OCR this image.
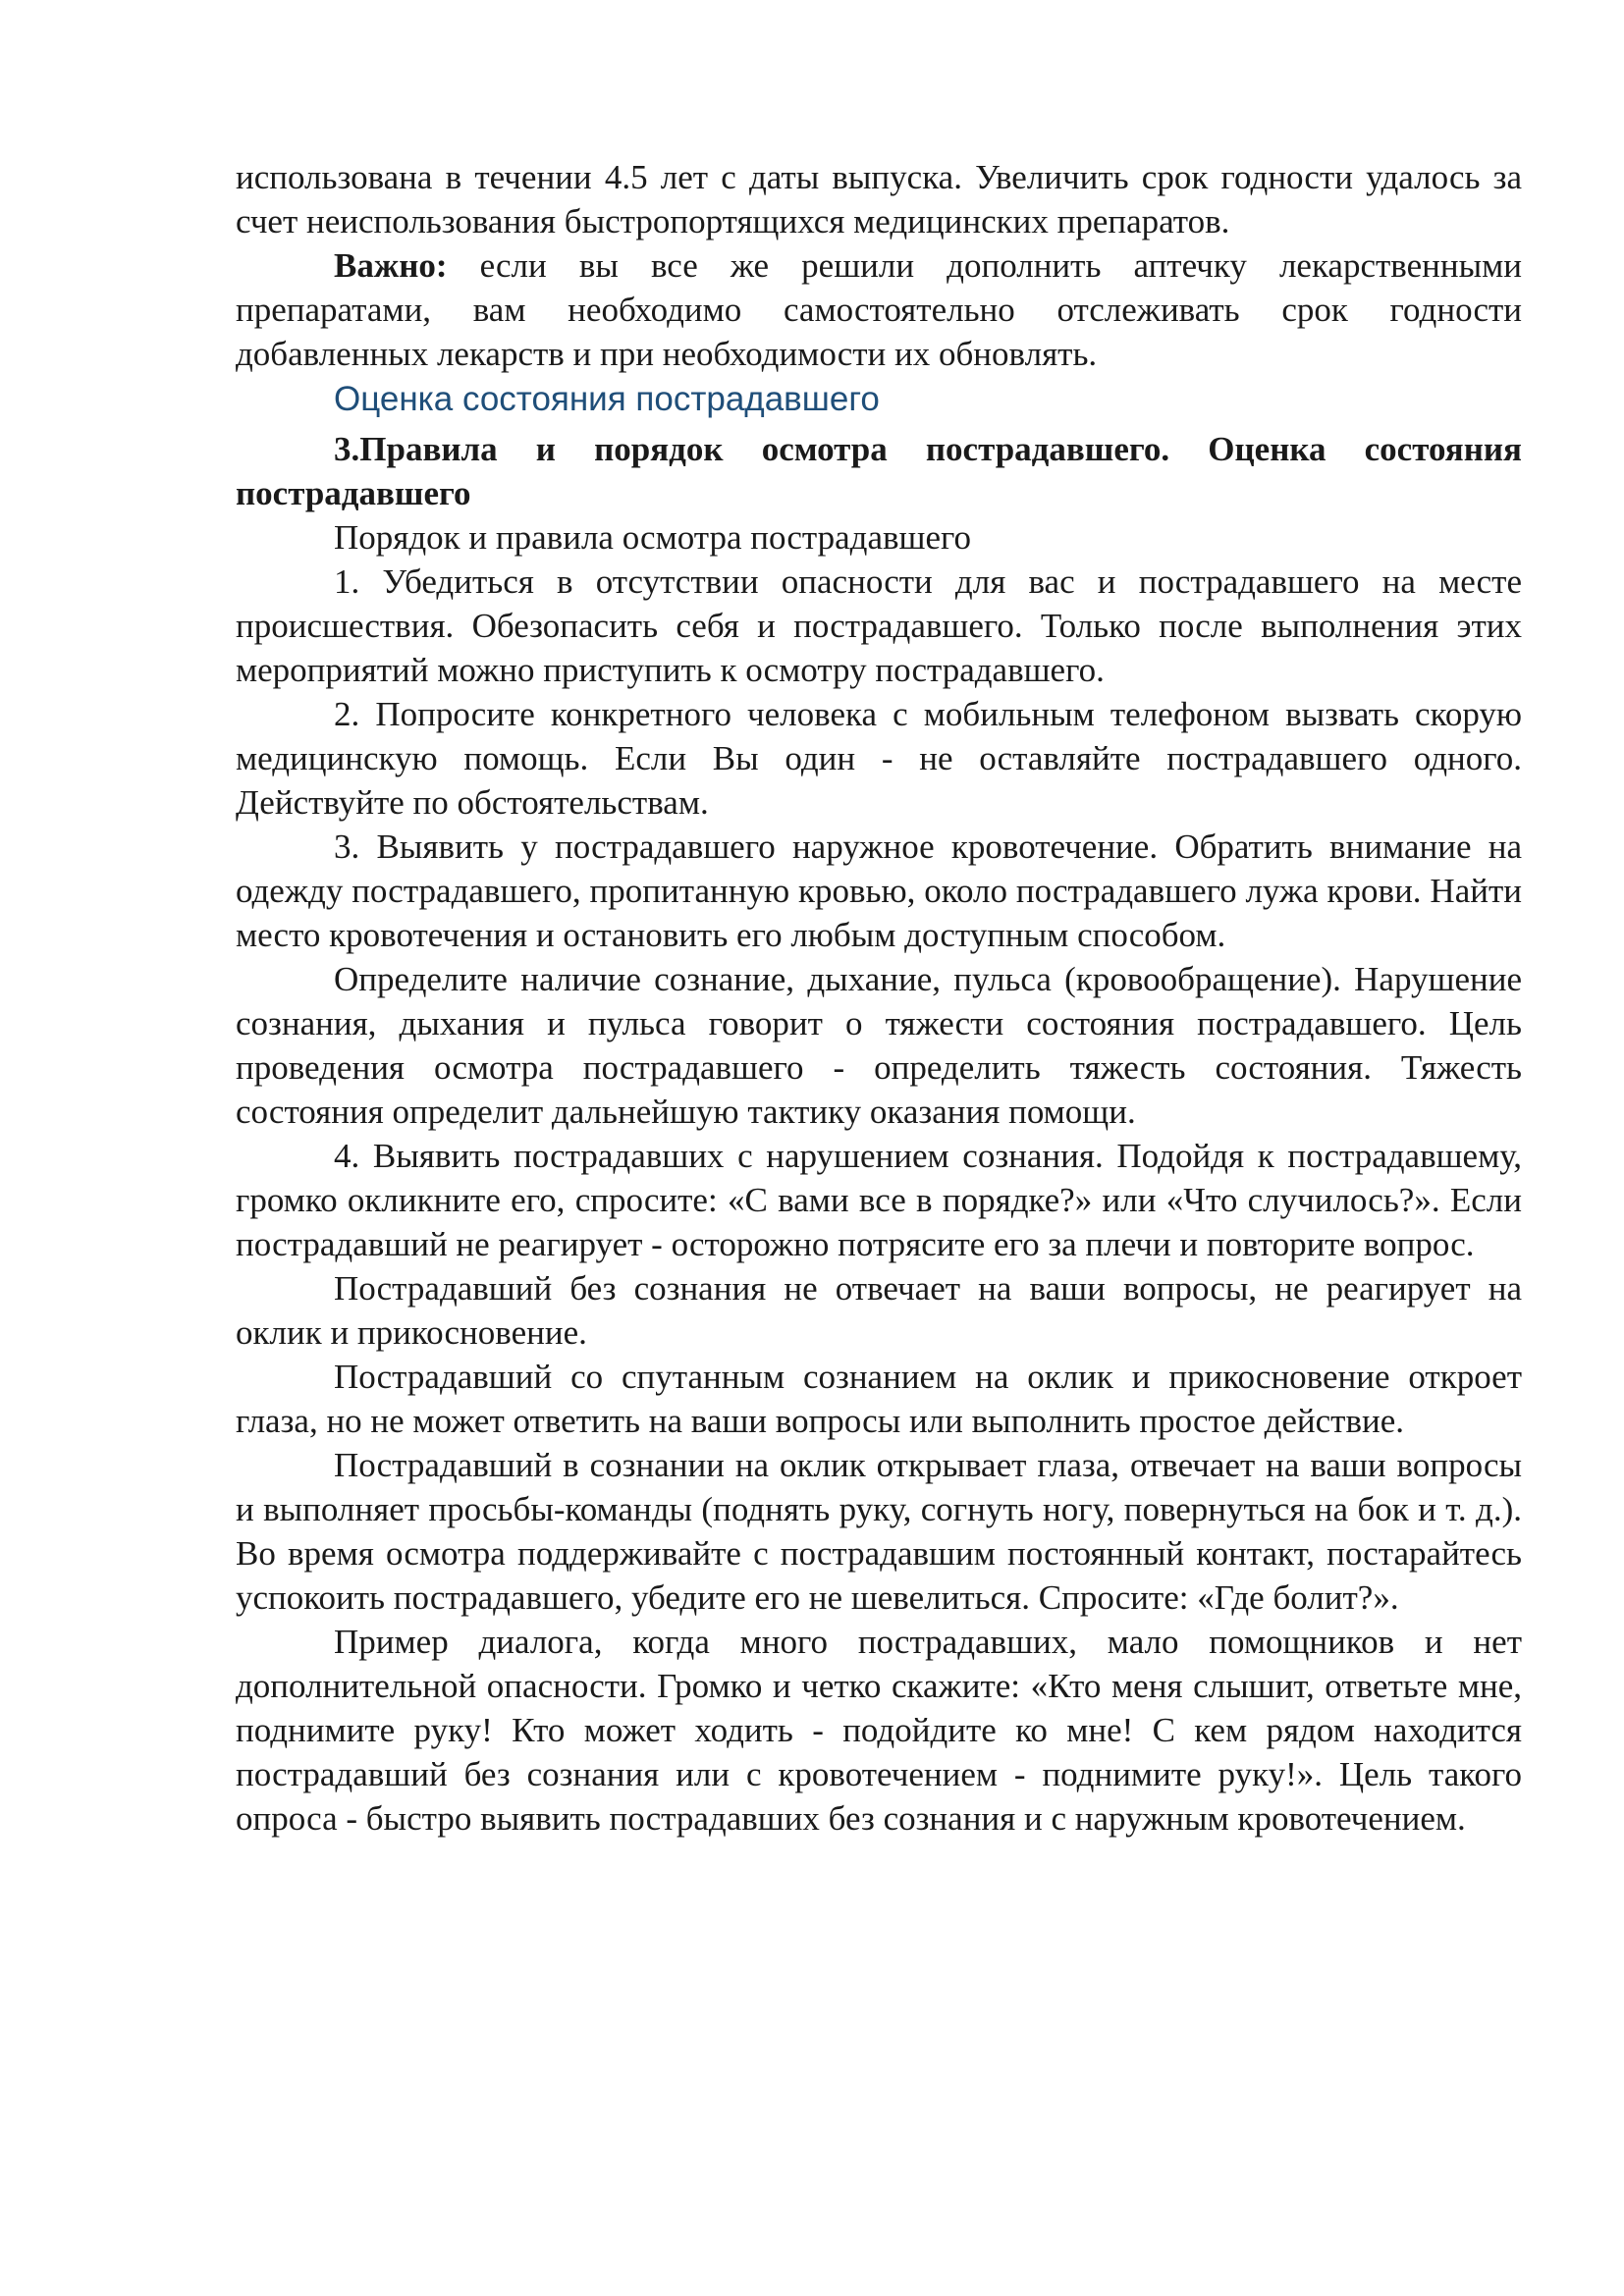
использована в течении 4.5 лет с даты выпуска. Увеличить срок годности удалось за счет неиспользования быстропортящихся медицинских препаратов.

Важно: если вы все же решили дополнить аптечку лекарственными препаратами, вам необходимо самостоятельно отслеживать срок годности добавленных лекарств и при необходимости их обновлять.

Оценка состояния пострадавшего

3.Правила и порядок осмотра пострадавшего. Оценка состояния пострадавшего

Порядок и правила осмотра пострадавшего

1. Убедиться в отсутствии опасности для вас и пострадавшего на месте происшествия. Обезопасить себя и пострадавшего. Только после выполнения этих мероприятий можно приступить к осмотру пострадавшего.

2. Попросите конкретного человека с мобильным телефоном вызвать скорую медицинскую помощь. Если Вы один - не оставляйте пострадавшего одного. Действуйте по обстоятельствам.

3. Выявить у пострадавшего наружное кровотечение. Обратить внимание на одежду пострадавшего, пропитанную кровью, около пострадавшего лужа крови. Найти место кровотечения и остановить его любым доступным способом.

Определите наличие сознание, дыхание, пульса (кровообращение). Нарушение сознания, дыхания и пульса говорит о тяжести состояния пострадавшего. Цель проведения осмотра пострадавшего - определить тяжесть состояния. Тяжесть состояния определит дальнейшую тактику оказания помощи.

4. Выявить пострадавших с нарушением сознания. Подойдя к пострадавшему, громко окликните его, спросите: «С вами все в порядке?» или «Что случилось?». Если пострадавший не реагирует - осторожно потрясите его за плечи и повторите вопрос.

Пострадавший без сознания не отвечает на ваши вопросы, не реагирует на оклик и прикосновение.

Пострадавший со спутанным сознанием на оклик и прикосновение откроет глаза, но не может ответить на ваши вопросы или выполнить простое действие.

Пострадавший в сознании на оклик открывает глаза, отвечает на ваши вопросы и выполняет просьбы-команды (поднять руку, согнуть ногу, повернуться на бок и т. д.). Во время осмотра поддерживайте с пострадавшим постоянный контакт, постарайтесь успокоить пострадавшего, убедите его не шевелиться. Спросите: «Где болит?».

Пример диалога, когда много пострадавших, мало помощников и нет дополнительной опасности. Громко и четко скажите: «Кто меня слышит, ответьте мне, поднимите руку! Кто может ходить - подойдите ко мне! С кем рядом находится пострадавший без сознания или с кровотечением - поднимите руку!». Цель такого опроса - быстро выявить пострадавших без сознания и с наружным кровотечением.
